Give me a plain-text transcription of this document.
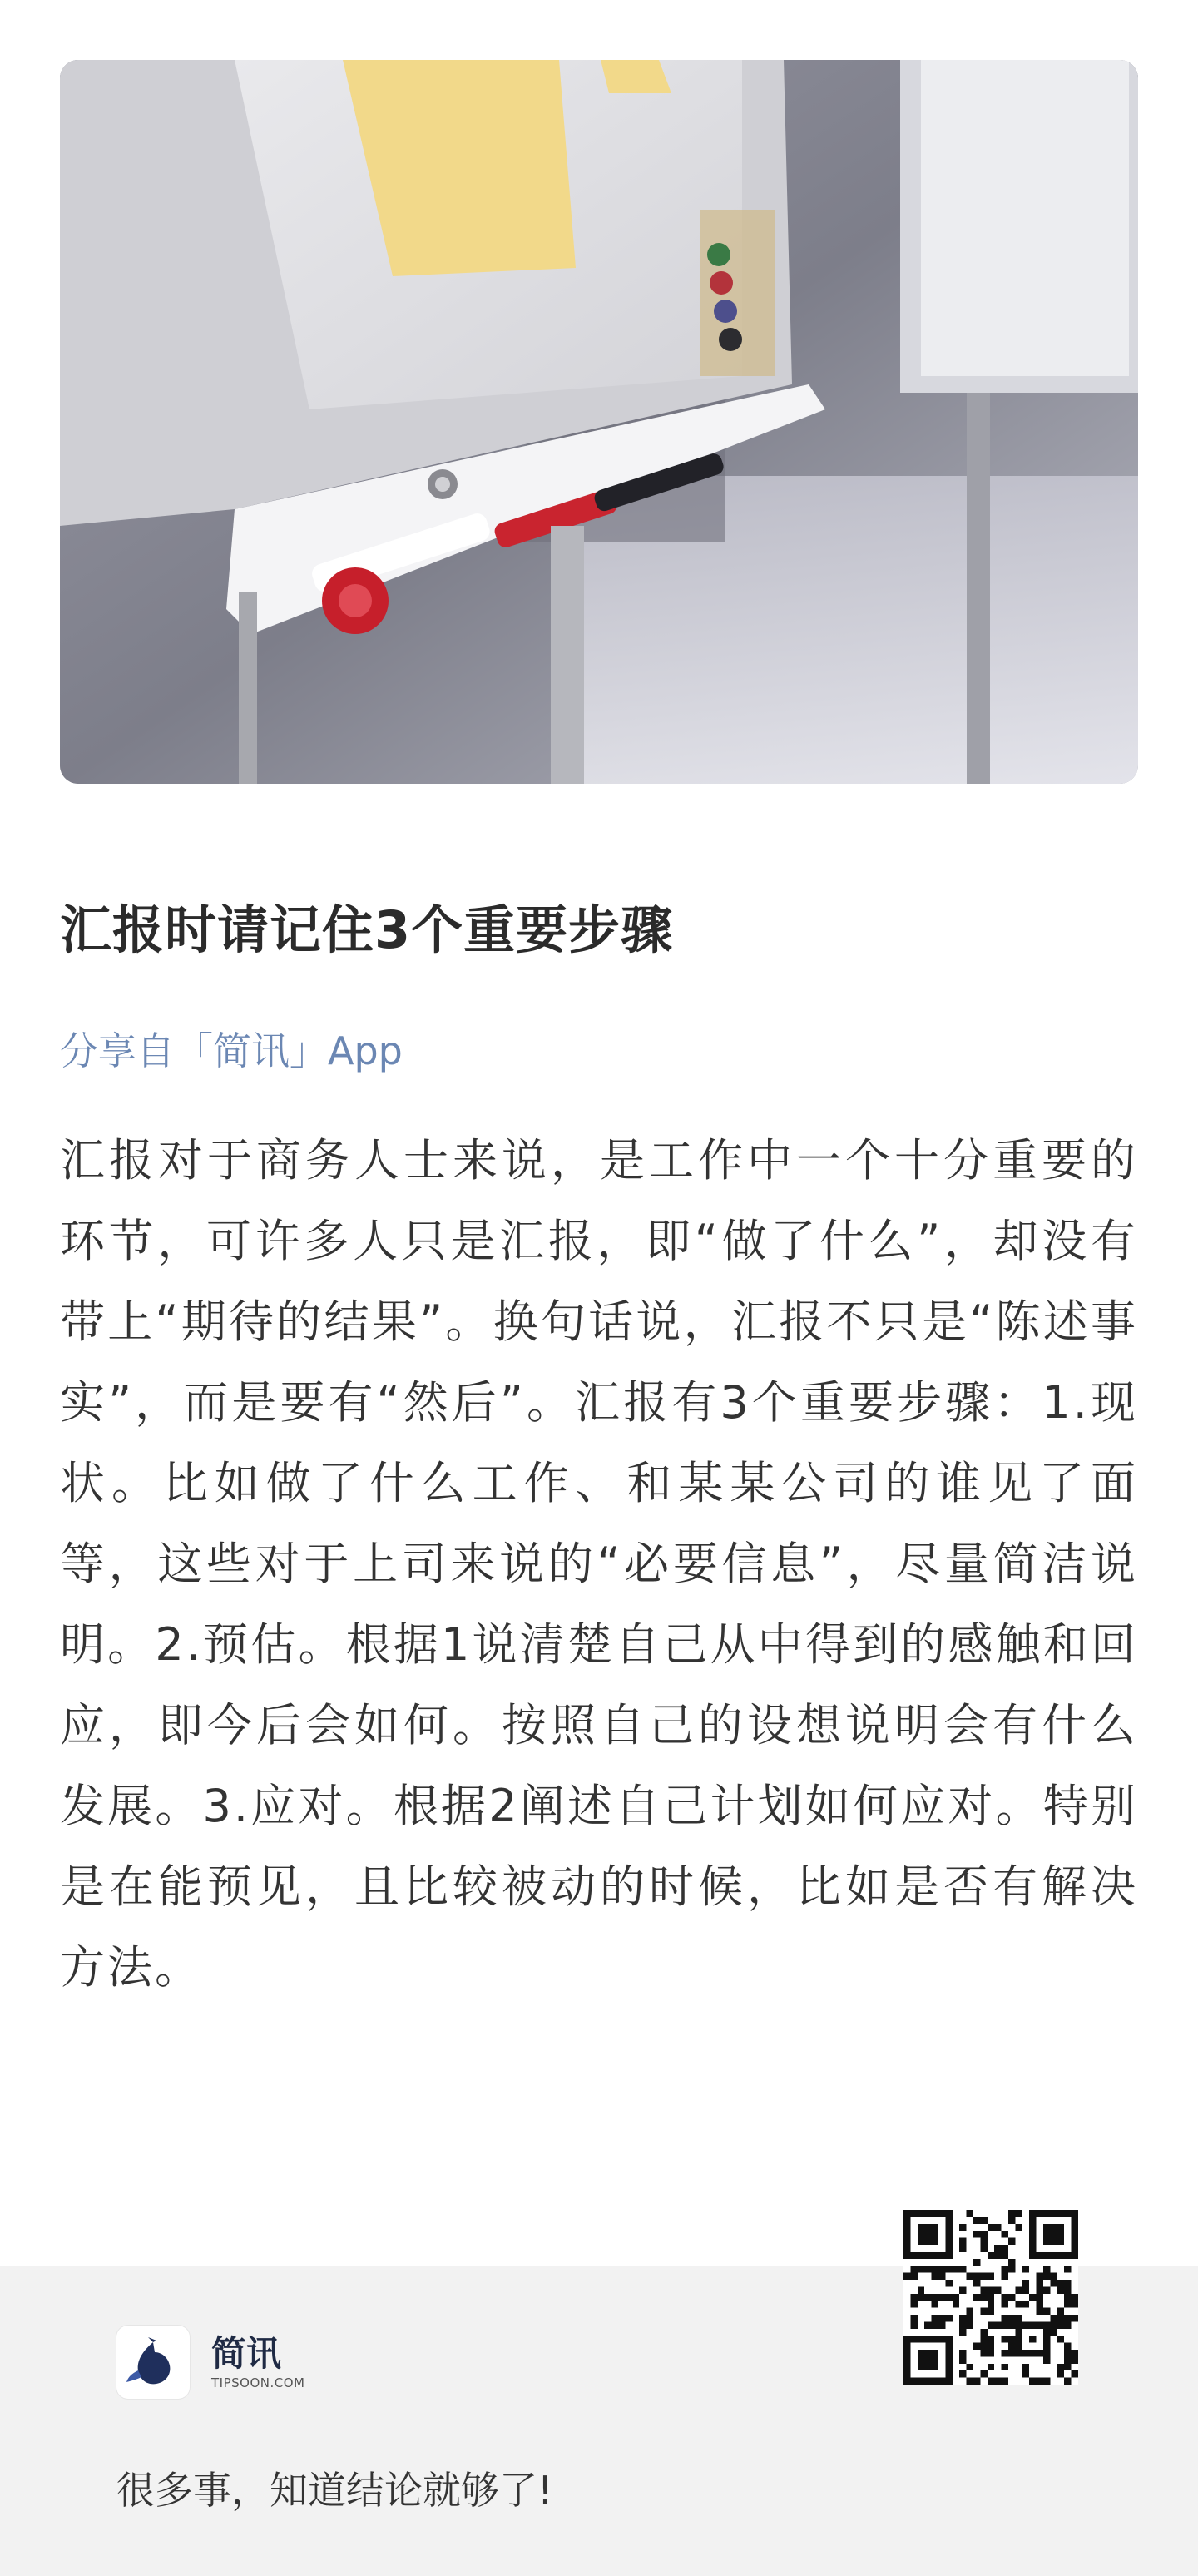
汇报时请记住3个重要步骤
分享自「简讯」App

汇报对于商务人士来说，是工作中一个十分重要的环节，可许多人只是汇报，即“做了什么”，却没有带上“期待的结果”。换句话说，汇报不只是“陈述事实”，而是要有“然后”。汇报有3个重要步骤：1.现状。比如做了什么工作、和某某公司的谁见了面等，这些对于上司来说的“必要信息”，尽量简洁说明。2.预估。根据1说清楚自己从中得到的感触和回应，即今后会如何。按照自己的设想说明会有什么发展。3.应对。根据2阐述自己计划如何应对。特别是在能预见，且比较被动的时候，比如是否有解决方法。

简讯
TIPSOON.COM
很多事，知道结论就够了!
